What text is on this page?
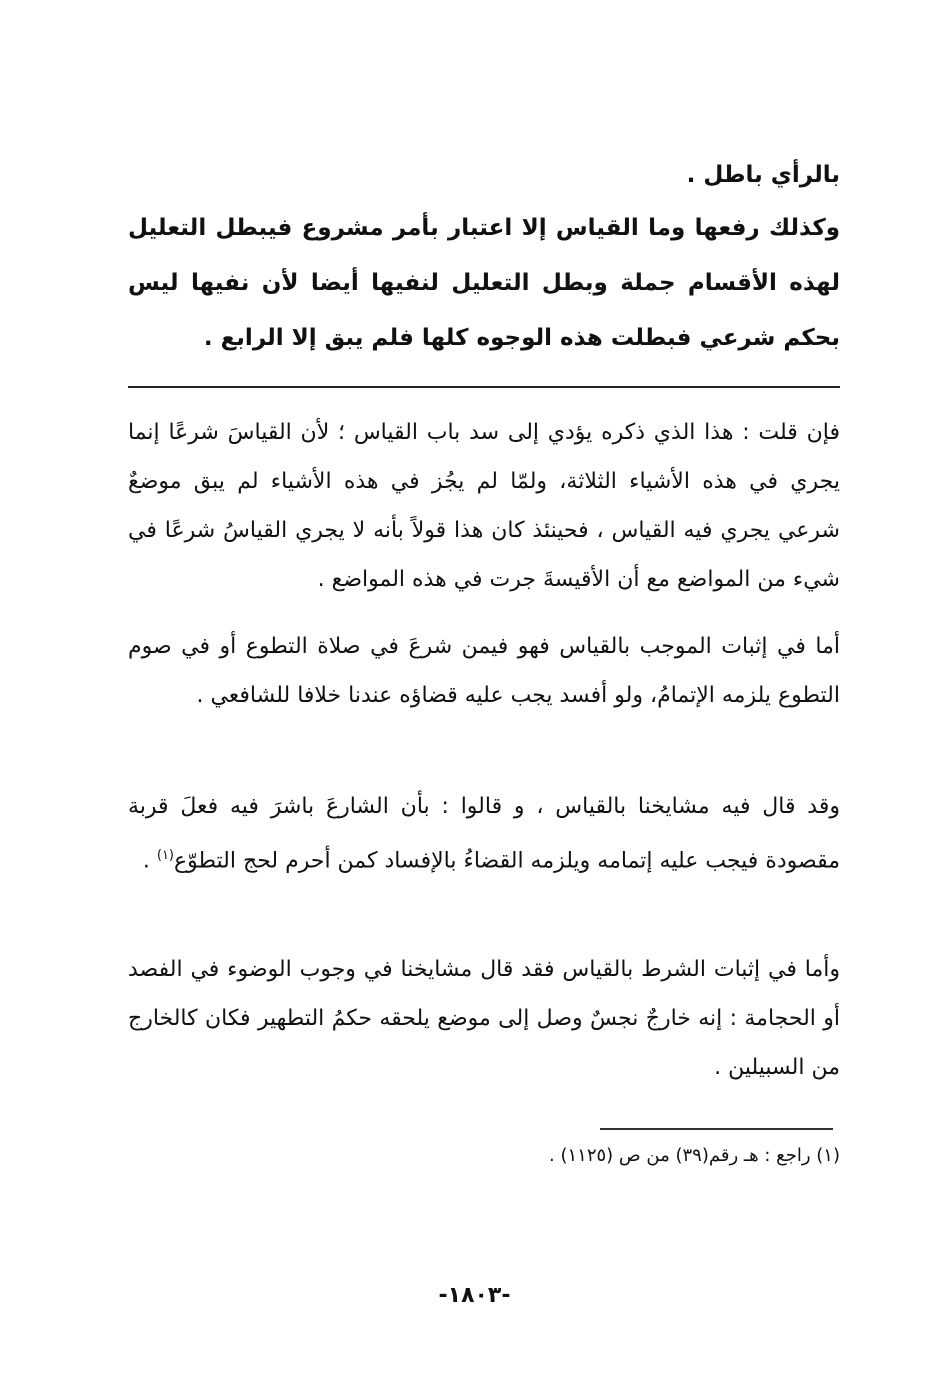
بالرأي باطل .

وكذلك رفعها وما القياس إلا اعتبار بأمر مشروع فيبطل التعليل لهذه الأقسام جملة وبطل التعليل لنفيها أيضا لأن نفيها ليس بحكم شرعي فبطلت هذه الوجوه كلها فلم يبق إلا الرابع .

فإن قلت : هذا الذي ذكره يؤدي إلى سد باب القياس ؛ لأن القياسَ شرعًا إنما يجري في هذه الأشياء الثلاثة، ولمّا لم يجُز في هذه الأشياء لم يبق موضعٌ شرعي يجري فيه القياس ، فحينئذ كان هذا قولاً بأنه لا يجري القياسُ شرعًا في شيء من المواضع مع أن الأقيسةَ جرت في هذه المواضع .

أما في إثبات الموجب بالقياس فهو فيمن شرعَ في صلاة التطوع أو في صوم التطوع يلزمه الإتمامُ، ولو أفسد يجب عليه قضاؤه عندنا خلافا للشافعي .

وقد قال فيه مشايخنا بالقياس ، و قالوا : بأن الشارعَ باشرَ فيه فعلَ قربة مقصودة فيجب عليه إتمامه ويلزمه القضاءُ بالإفساد كمن أحرم لحج التطوّع$^{(١)}$ .

وأما في إثبات الشرط بالقياس فقد قال مشايخنا في وجوب الوضوء في الفصد أو الحجامة : إنه خارجٌ نجسٌ وصل إلى موضع يلحقه حكمُ التطهير فكان كالخارج من السبيلين .

(١) راجع : هـ رقم(٣٩) من ص (١١٢٥) .

-١٨٠٣-
